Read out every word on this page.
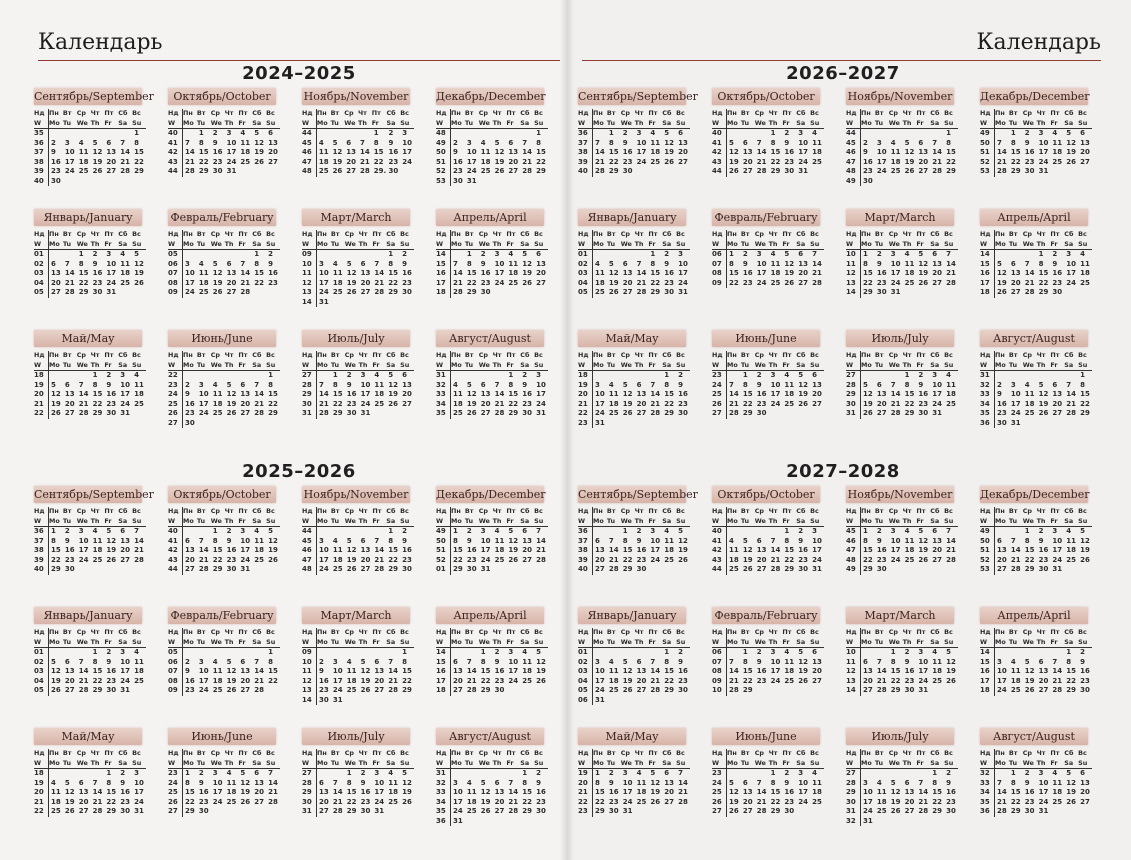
Календарь
2024–2025
Сентябрь/September
Нд	Пн	Вт	Ср	Чт	Пт	Сб	Вс
W	Mo	Tu	We	Th	Fr	Sa	Su
35							1
36	2	3	4	5	6	7	8
37	9	10	11	12	13	14	15
38	16	17	18	19	20	21	22
39	23	24	25	26	27	28	29
40	30						
Октябрь/October
Нд	Пн	Вт	Ср	Чт	Пт	Сб	Вс
W	Mo	Tu	We	Th	Fr	Sa	Su
40		1	2	3	4	5	6
41	7	8	9	10	11	12	13
42	14	15	16	17	18	19	20
43	21	22	23	24	25	26	27
44	28	29	30	31			
Ноябрь/November
Нд	Пн	Вт	Ср	Чт	Пт	Сб	Вс
W	Mo	Tu	We	Th	Fr	Sa	Su
44					1	2	3
45	4	5	6	7	8	9	10
46	11	12	13	14	15	16	17
47	18	19	20	21	22	23	24
48	25	26	27	28	29.	30	
Декабрь/December
Нд	Пн	Вт	Ср	Чт	Пт	Сб	Вс
W	Mo	Tu	We	Th	Fr	Sa	Su
48							1
49	2	3	4	5	6	7	8
50	9	10	11	12	13	14	15
51	16	17	18	19	20	21	22
52	23	24	25	26	27	28	29
53	30	31					
Январь/January
Нд	Пн	Вт	Ср	Чт	Пт	Сб	Вс
W	Mo	Tu	We	Th	Fr	Sa	Su
01			1	2	3	4	5
02	6	7	8	9	10	11	12
03	13	14	15	16	17	18	19
04	20	21	22	23	24	25	26
05	27	28	29	30	31		
Февраль/February
Нд	Пн	Вт	Ср	Чт	Пт	Сб	Вс
W	Mo	Tu	We	Th	Fr	Sa	Su
05						1	2
06	3	4	5	6	7	8	9
07	10	11	12	13	14	15	16
08	17	18	19	20	21	22	23
09	24	25	26	27	28		
Март/March
Нд	Пн	Вт	Ср	Чт	Пт	Сб	Вс
W	Mo	Tu	We	Th	Fr	Sa	Su
09						1	2
10	3	4	5	6	7	8	9
11	10	11	12	13	14	15	16
12	17	18	19	20	21	22	23
13	24	25	26	27	28	29	30
14	31						
Апрель/April
Нд	Пн	Вт	Ср	Чт	Пт	Сб	Вс
W	Mo	Tu	We	Th	Fr	Sa	Su
14		1	2	3	4	5	6
15	7	8	9	10	11	12	13
16	14	15	16	17	18	19	20
17	21	22	23	24	25	26	27
18	28	29	30				
Май/May
Нд	Пн	Вт	Ср	Чт	Пт	Сб	Вс
W	Mo	Tu	We	Th	Fr	Sa	Su
18				1	2	3	4
19	5	6	7	8	9	10	11
20	12	13	14	15	16	17	18
21	19	20	21	22	23	24	25
22	26	27	28	29	30	31	
Июнь/June
Нд	Пн	Вт	Ср	Чт	Пт	Сб	Вс
W	Mo	Tu	We	Th	Fr	Sa	Su
22							1
23	2	3	4	5	6	7	8
24	9	10	11	12	13	14	15
25	16	17	18	19	20	21	22
26	23	24	25	26	27	28	29
27	30						
Июль/July
Нд	Пн	Вт	Ср	Чт	Пт	Сб	Вс
W	Mo	Tu	We	Th	Fr	Sa	Su
27		1	2	3	4	5	6
28	7	8	9	10	11	12	13
29	14	15	16	17	18	19	20
30	21	22	23	24	25	26	27
31	28	29	30	31			
Август/August
Нд	Пн	Вт	Ср	Чт	Пт	Сб	Вс
W	Mo	Tu	We	Th	Fr	Sa	Su
31					1	2	3
32	4	5	6	7	8	9	10
33	11	12	13	14	15	16	17
34	18	19	20	21	22	23	24
35	25	26	27	28	29	30	31
2025–2026
Сентябрь/September
Нд	Пн	Вт	Ср	Чт	Пт	Сб	Вс
W	Mo	Tu	We	Th	Fr	Sa	Su
36	1	2	3	4	5	6	7
37	8	9	10	11	12	13	14
38	15	16	17	18	19	20	21
39	22	23	24	25	26	27	28
40	29	30					
Октябрь/October
Нд	Пн	Вт	Ср	Чт	Пт	Сб	Вс
W	Mo	Tu	We	Th	Fr	Sa	Su
40			1	2	3	4	5
41	6	7	8	9	10	11	12
42	13	14	15	16	17	18	19
43	20	21	22	23	24	25	26
44	27	28	29	30	31		
Ноябрь/November
Нд	Пн	Вт	Ср	Чт	Пт	Сб	Вс
W	Mo	Tu	We	Th	Fr	Sa	Su
44						1	2
45	3	4	5	6	7	8	9
46	10	11	12	13	14	15	16
47	17	18	19	20	21	22	23
48	24	25	26	27	28	29	30
Декабрь/December
Нд	Пн	Вт	Ср	Чт	Пт	Сб	Вс
W	Mo	Tu	We	Th	Fr	Sa	Su
49	1	2	3	4	5	6	7
50	8	9	10	11	12	13	14
51	15	16	17	18	19	20	21
52	22	23	24	25	26	27	28
01	29	30	31				
Январь/January
Нд	Пн	Вт	Ср	Чт	Пт	Сб	Вс
W	Mo	Tu	We	Th	Fr	Sa	Su
01				1	2	3	4
02	5	6	7	8	9	10	11
03	12	13	14	15	16	17	18
04	19	20	21	22	23	24	25
05	26	27	28	29	30	31	
Февраль/February
Нд	Пн	Вт	Ср	Чт	Пт	Сб	Вс
W	Mo	Tu	We	Th	Fr	Sa	Su
05							1
06	2	3	4	5	6	7	8
07	9	10	11	12	13	14	15
08	16	17	18	19	20	21	22
09	23	24	25	26	27	28	
Март/March
Нд	Пн	Вт	Ср	Чт	Пт	Сб	Вс
W	Mo	Tu	We	Th	Fr	Sa	Su
09							1
10	2	3	4	5	6	7	8
11	9	10	11	12	13	14	15
12	16	17	18	19	20	21	22
13	23	24	25	26	27	28	29
14	30	31					
Апрель/April
Нд	Пн	Вт	Ср	Чт	Пт	Сб	Вс
W	Mo	Tu	We	Th	Fr	Sa	Su
14			1	2	3	4	5
15	6	7	8	9	10	11	12
16	13	14	15	16	17	18	19
17	20	21	22	23	24	25	26
18	27	28	29	30			
Май/May
Нд	Пн	Вт	Ср	Чт	Пт	Сб	Вс
W	Mo	Tu	We	Th	Fr	Sa	Su
18					1	2	3
19	4	5	6	7	8	9	10
20	11	12	13	14	15	16	17
21	18	19	20	21	22	23	24
22	25	26	27	28	29	30	31
Июнь/June
Нд	Пн	Вт	Ср	Чт	Пт	Сб	Вс
W	Mo	Tu	We	Th	Fr	Sa	Su
23	1	2	3	4	5	6	7
24	8	9	10	11	12	13	14
25	15	16	17	18	19	20	21
26	22	23	24	25	26	27	28
27	29	30					
Июль/July
Нд	Пн	Вт	Ср	Чт	Пт	Сб	Вс
W	Mo	Tu	We	Th	Fr	Sa	Su
27			1	2	3	4	5
28	6	7	8	9	10	11	12
29	13	14	15	16	17	18	19
30	20	21	22	23	24	25	26
31	27	28	29	30	31		
Август/August
Нд	Пн	Вт	Ср	Чт	Пт	Сб	Вс
W	Mo	Tu	We	Th	Fr	Sa	Su
31						1	2
32	3	4	5	6	7	8	9
33	10	11	12	13	14	15	16
34	17	18	19	20	21	22	23
35	24	25	26	27	28	29	30
36	31						
Календарь
2026–2027
Сентябрь/September
Нд	Пн	Вт	Ср	Чт	Пт	Сб	Вс
W	Mo	Tu	We	Th	Fr	Sa	Su
36		1	2	3	4	5	6
37	7	8	9	10	11	12	13
38	14	15	16	17	18	19	20
39	21	22	23	24	25	26	27
40	28	29	30				
Октябрь/October
Нд	Пн	Вт	Ср	Чт	Пт	Сб	Вс
W	Mo	Tu	We	Th	Fr	Sa	Su
40				1	2	3	4
41	5	6	7	8	9	10	11
42	12	13	14	15	16	17	18
43	19	20	21	22	23	24	25
44	26	27	28	29	30	31	
Ноябрь/November
Нд	Пн	Вт	Ср	Чт	Пт	Сб	Вс
W	Mo	Tu	We	Th	Fr	Sa	Su
44							1
45	2	3	4	5	6	7	8
46	9	10	11	12	13	14	15
47	16	17	18	19	20	21	22
48	23	24	25	26	27	28	29
49	30						
Декабрь/December
Нд	Пн	Вт	Ср	Чт	Пт	Сб	Вс
W	Mo	Tu	We	Th	Fr	Sa	Su
49		1	2	3	4	5	6
50	7	8	9	10	11	12	13
51	14	15	16	17	18	19	20
52	21	22	23	24	25	26	27
53	28	29	30	31			
Январь/January
Нд	Пн	Вт	Ср	Чт	Пт	Сб	Вс
W	Mo	Tu	We	Th	Fr	Sa	Su
01					1	2	3
02	4	5	6	7	8	9	10
03	11	12	13	14	15	16	17
04	18	19	20	21	22	23	24
05	25	26	27	28	29	30	31
Февраль/February
Нд	Пн	Вт	Ср	Чт	Пт	Сб	Вс
W	Mo	Tu	We	Th	Fr	Sa	Su
06	1	2	3	4	5	6	7
07	8	9	10	11	12	13	14
08	15	16	17	18	19	20	21
09	22	23	24	25	26	27	28
Март/March
Нд	Пн	Вт	Ср	Чт	Пт	Сб	Вс
W	Mo	Tu	We	Th	Fr	Sa	Su
10	1	2	3	4	5	6	7
11	8	9	10	11	12	13	14
12	15	16	17	18	19	20	21
13	22	23	24	25	26	27	28
14	29	30	31				
Апрель/April
Нд	Пн	Вт	Ср	Чт	Пт	Сб	Вс
W	Mo	Tu	We	Th	Fr	Sa	Su
14				1	2	3	4
15	5	6	7	8	9	10	11
16	12	13	14	15	16	17	18
17	19	20	21	22	23	24	25
18	26	27	28	29	30		
Май/May
Нд	Пн	Вт	Ср	Чт	Пт	Сб	Вс
W	Mo	Tu	We	Th	Fr	Sa	Su
18						1	2
19	3	4	5	6	7	8	9
20	10	11	12	13	14	15	16
21	17	18	19	20	21	22	23
22	24	25	26	27	28	29	30
23	31						
Июнь/June
Нд	Пн	Вт	Ср	Чт	Пт	Сб	Вс
W	Mo	Tu	We	Th	Fr	Sa	Su
23		1	2	3	4	5	6
24	7	8	9	10	11	12	13
25	14	15	16	17	18	19	20
26	21	22	23	24	25	26	27
27	28	29	30				
Июль/July
Нд	Пн	Вт	Ср	Чт	Пт	Сб	Вс
W	Mo	Tu	We	Th	Fr	Sa	Su
27				1	2	3	4
28	5	6	7	8	9	10	11
29	12	13	14	15	16	17	18
30	19	20	21	22	23	24	25
31	26	27	28	29	30	31	
Август/August
Нд	Пн	Вт	Ср	Чт	Пт	Сб	Вс
W	Mo	Tu	We	Th	Fr	Sa	Su
31							1
32	2	3	4	5	6	7	8
33	9	10	11	12	13	14	15
34	16	17	18	19	20	21	22
35	23	24	25	26	27	28	29
36	30	31					
2027–2028
Сентябрь/September
Нд	Пн	Вт	Ср	Чт	Пт	Сб	Вс
W	Mo	Tu	We	Th	Fr	Sa	Su
36			1	2	3	4	5
37	6	7	8	9	10	11	12
38	13	14	15	16	17	18	19
39	20	21	22	23	24	25	26
40	27	28	29	30			
Октябрь/October
Нд	Пн	Вт	Ср	Чт	Пт	Сб	Вс
W	Mo	Tu	We	Th	Fr	Sa	Su
40					1	2	3
41	4	5	6	7	8	9	10
42	11	12	13	14	15	16	17
43	18	19	20	21	22	23	24
44	25	26	27	28	29	30	31
Ноябрь/November
Нд	Пн	Вт	Ср	Чт	Пт	Сб	Вс
W	Mo	Tu	We	Th	Fr	Sa	Su
45	1	2	3	4	5	6	7
46	8	9	10	11	12	13	14
47	15	16	17	18	19	20	21
48	22	23	24	25	26	27	28
49	29	30					
Декабрь/December
Нд	Пн	Вт	Ср	Чт	Пт	Сб	Вс
W	Mo	Tu	We	Th	Fr	Sa	Su
49			1	2	3	4	5
50	6	7	8	9	10	11	12
51	13	14	15	16	17	18	19
52	20	21	22	23	24	25	26
53	27	28	29	30	31		
Январь/January
Нд	Пн	Вт	Ср	Чт	Пт	Сб	Вс
W	Mo	Tu	We	Th	Fr	Sa	Su
01						1	2
02	3	4	5	6	7	8	9
03	10	11	12	13	14	15	16
04	17	18	19	20	21	22	23
05	24	25	26	27	28	29	30
06	31						
Февраль/February
Нд	Пн	Вт	Ср	Чт	Пт	Сб	Вс
W	Mo	Tu	We	Th	Fr	Sa	Su
06		1	2	3	4	5	6
07	7	8	9	10	11	12	13
08	14	15	16	17	18	19	20
09	21	22	23	24	25	26	27
10	28	29					
Март/March
Нд	Пн	Вт	Ср	Чт	Пт	Сб	Вс
W	Mo	Tu	We	Th	Fr	Sa	Su
10			1	2	3	4	5
11	6	7	8	9	10	11	12
12	13	14	15	16	17	18	19
13	20	21	22	23	24	25	26
14	27	28	29	30	31		
Апрель/April
Нд	Пн	Вт	Ср	Чт	Пт	Сб	Вс
W	Mo	Tu	We	Th	Fr	Sa	Su
14						1	2
15	3	4	5	6	7	8	9
16	10	11	12	13	14	15	16
17	17	18	19	20	21	22	23
18	24	25	26	27	28	29	30
Май/May
Нд	Пн	Вт	Ср	Чт	Пт	Сб	Вс
W	Mo	Tu	We	Th	Fr	Sa	Su
19	1	2	3	4	5	6	7
20	8	9	10	11	12	13	14
21	15	16	17	18	19	20	21
22	22	23	24	25	26	27	28
23	29	30	31				
Июнь/June
Нд	Пн	Вт	Ср	Чт	Пт	Сб	Вс
W	Mo	Tu	We	Th	Fr	Sa	Su
23				1	2	3	4
24	5	6	7	8	9	10	11
25	12	13	14	15	16	17	18
26	19	20	21	22	23	24	25
27	26	27	28	29	30		
Июль/July
Нд	Пн	Вт	Ср	Чт	Пт	Сб	Вс
W	Mo	Tu	We	Th	Fr	Sa	Su
27						1	2
28	3	4	5	6	7	8	9
29	10	11	12	13	14	15	16
30	17	18	19	20	21	22	23
31	24	25	26	27	28	29	30
32	31						
Август/August
Нд	Пн	Вт	Ср	Чт	Пт	Сб	Вс
W	Mo	Tu	We	Th	Fr	Sa	Su
32		1	2	3	4	5	6
33	7	8	9	10	11	12	13
34	14	15	16	17	18	19	20
35	21	22	23	24	25	26	27
36	28	29	30	31			
